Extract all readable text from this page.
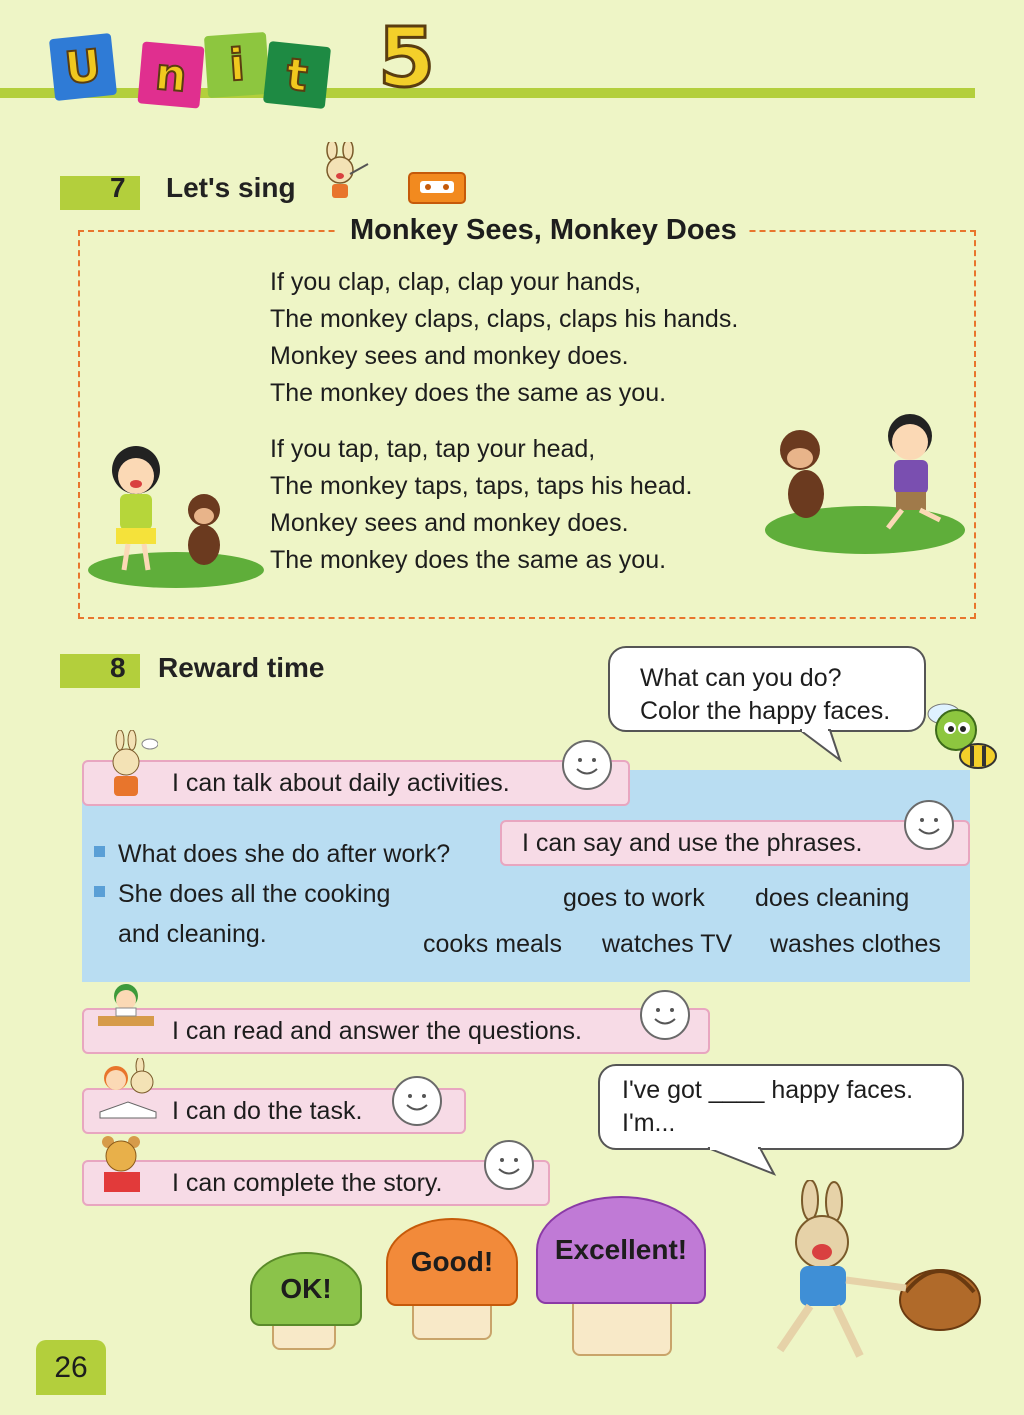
U	n i t 5
7 Let's sing
Monkey Sees, Monkey Does
If you clap, clap, clap your hands,
The monkey claps, claps, claps his hands.
Monkey sees and monkey does.
The monkey does the same as you.
If you tap, tap, tap your head,
The monkey taps, taps, taps his head.
Monkey sees and monkey does.
The monkey does the same as you.
8 Reward time	What can you do?
Color the happy faces.
I can talk about daily activities.
What does she do after work?
She does all the cooking
and cleaning.
I can say and use the phrases.
goes to work does cleaning
cooks meals watches TV washes clothes
I can read and answer the questions.
I can do the task.
I can complete the story.
I've got ____ happy faces.
I'm...
OK!
Good!	Excellent!
26
